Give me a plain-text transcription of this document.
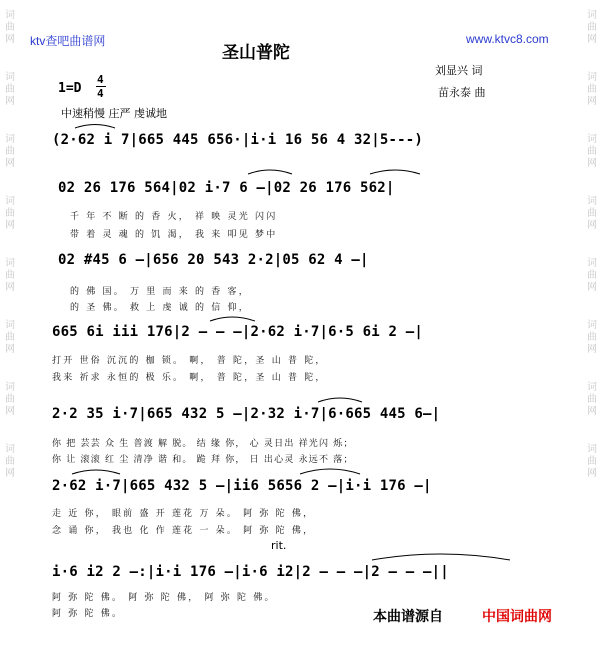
词
曲
网
词
曲
网
词
曲
网
词
曲
网
词
曲
网
词
曲
网
词
曲
网
词
曲
网
词
曲
网
词
曲
网
词
曲
网
词
曲
网
词
曲
网
词
曲
网
词
曲
网
词
曲
网
ktv查吧曲谱网	www.ktvc8.com
圣山普陀
刘显兴 词
苗永泰 曲
1=D
4
4
中速稍慢 庄严 虔诚地
(2·62 i 7|665 445 656·|i·i 16 56 4 32|5---)
02 26 176 564|02 i·7 6 –|02 26 176 562|
千 年 不 断 的 香 火， 祥 映 灵光 闪闪
带 着 灵 魂 的 饥 渴， 我 来 叩见 梦中
02 #45 6 –|656 20 543 2·2|05 62 4 –|
的 佛 国。 万 里 而 来 的 香 客，
的 圣 佛。 救 上 虔 诚 的 信 仰，
665 6i iii 176|2 – – –|2·62 i·7|6·5 6i 2 –|
打开 世俗 沉沉的 枷 锁。 啊， 普 陀，圣 山 普 陀，
我来 祈求 永恒的 极 乐。 啊， 普 陀，圣 山 普 陀，
2·2 35 i·7|665 432 5 –|2·32 i·7|6·665 445 6–|
你 把 芸芸 众 生 普渡 解 脱。 结 缘 你， 心 灵日出 祥光闪 烁；
你 让 滚滚 红 尘 清净 谐 和。 跪 拜 你， 日 出心灵 永远不 落；
2·62 i·7|665 432 5 –|ii6 5656 2 –|i·i 176 –|
走 近 你， 眼前 盛 开 莲花 万 朵。 阿 弥 陀 佛，
念 诵 你， 我也 化 作 莲花 一 朵。 阿 弥 陀 佛，
rit.
i·6 i2 2 –:|i·i 176 –|i·6 i2|2 – – –|2 – – –||
阿 弥 陀 佛。 阿 弥 陀 佛， 阿 弥 陀 佛。
阿 弥 陀 佛。	本曲谱源自	中国词曲网
